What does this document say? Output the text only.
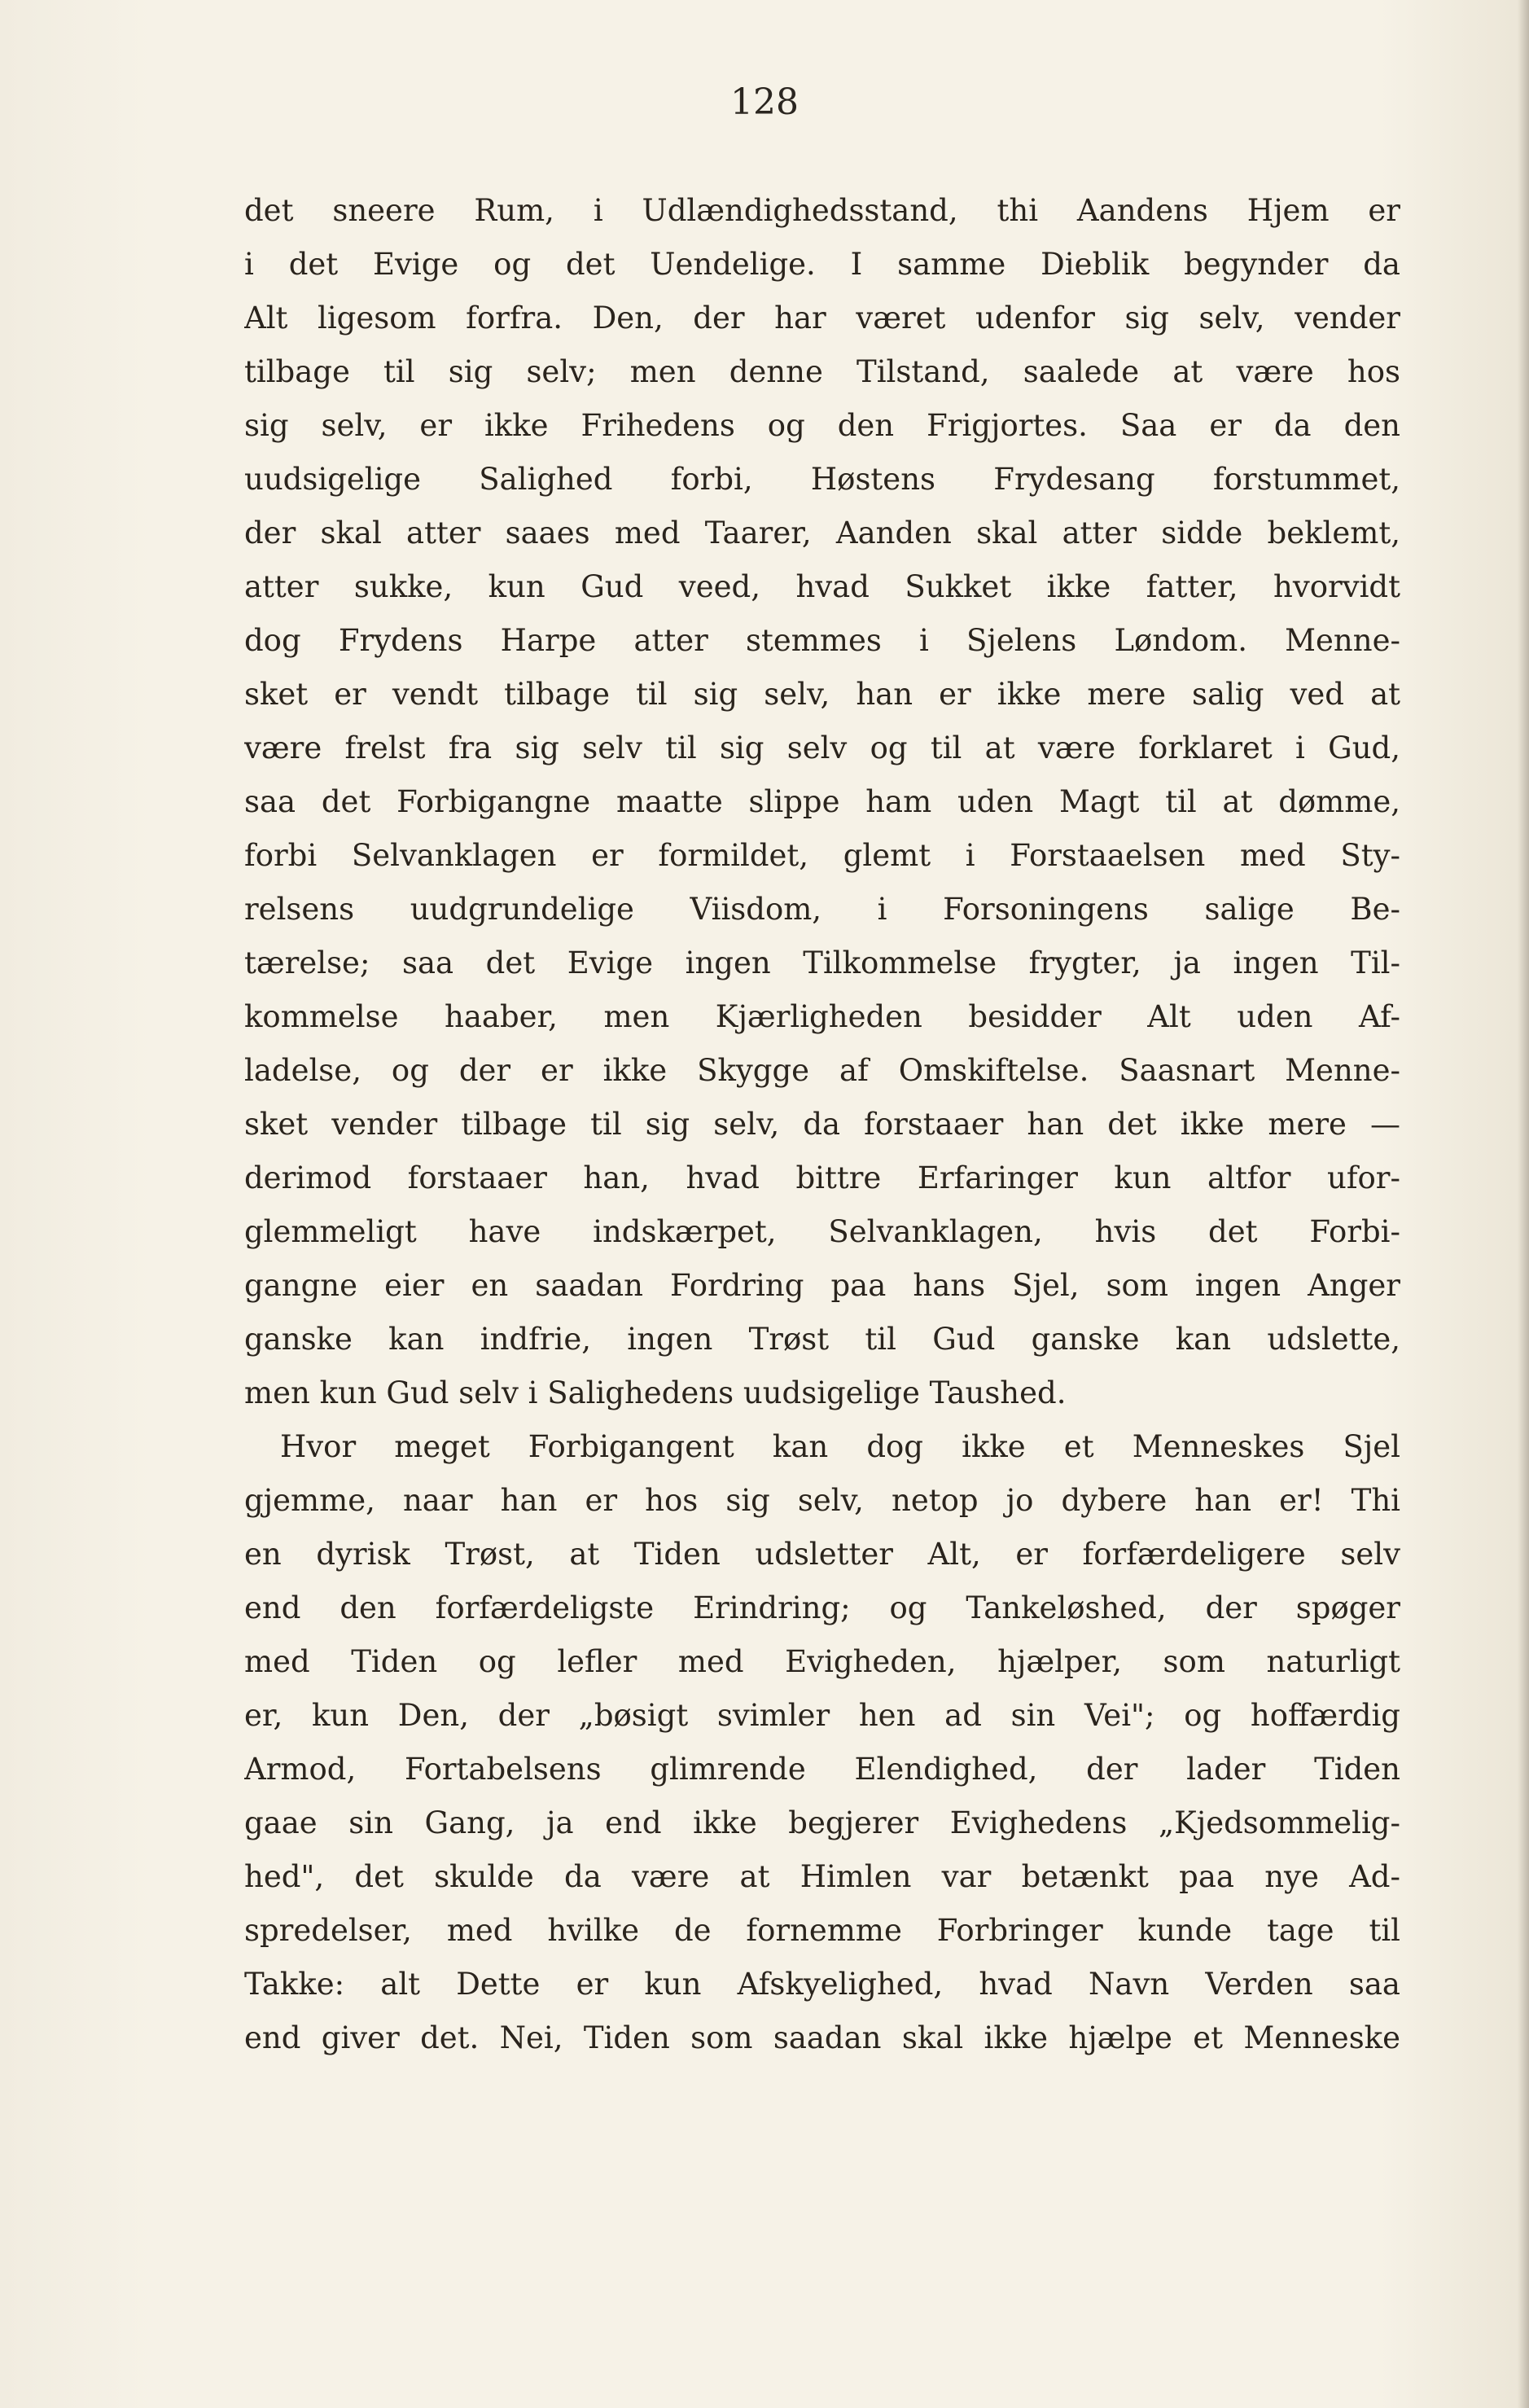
128
det sneere Rum, i Udlændighedsstand, thi Aandens Hjem er
i det Evige og det Uendelige. I samme Dieblik begynder da
Alt ligesom forfra. Den, der har været udenfor sig selv, vender
tilbage til sig selv; men denne Tilstand, saalede at være hos
sig selv, er ikke Frihedens og den Frigjortes. Saa er da den
uudsigelige Salighed forbi, Høstens Frydesang forstummet,
der skal atter saaes med Taarer, Aanden skal atter sidde beklemt,
atter sukke, kun Gud veed, hvad Sukket ikke fatter, hvorvidt
dog Frydens Harpe atter stemmes i Sjelens Løndom. Menne-
sket er vendt tilbage til sig selv, han er ikke mere salig ved at
være frelst fra sig selv til sig selv og til at være forklaret i Gud,
saa det Forbigangne maatte slippe ham uden Magt til at dømme,
forbi Selvanklagen er formildet, glemt i Forstaaelsen med Sty-
relsens uudgrundelige Viisdom, i Forsoningens salige Be-
tærelse; saa det Evige ingen Tilkommelse frygter, ja ingen Til-
kommelse haaber, men Kjærligheden besidder Alt uden Af-
ladelse, og der er ikke Skygge af Omskiftelse. Saasnart Menne-
sket vender tilbage til sig selv, da forstaaer han det ikke mere —
derimod forstaaer han, hvad bittre Erfaringer kun altfor ufor-
glemmeligt have indskærpet, Selvanklagen, hvis det Forbi-
gangne eier en saadan Fordring paa hans Sjel, som ingen Anger
ganske kan indfrie, ingen Trøst til Gud ganske kan udslette,
men kun Gud selv i Salighedens uudsigelige Taushed.
Hvor meget Forbigangent kan dog ikke et Menneskes Sjel
gjemme, naar han er hos sig selv, netop jo dybere han er! Thi
en dyrisk Trøst, at Tiden udsletter Alt, er forfærdeligere selv
end den forfærdeligste Erindring; og Tankeløshed, der spøger
med Tiden og lefler med Evigheden, hjælper, som naturligt
er, kun Den, der „bøsigt svimler hen ad sin Vei"; og hoffærdig
Armod, Fortabelsens glimrende Elendighed, der lader Tiden
gaae sin Gang, ja end ikke begjerer Evighedens „Kjedsommelig-
hed", det skulde da være at Himlen var betænkt paa nye Ad-
spredelser, med hvilke de fornemme Forbringer kunde tage til
Takke: alt Dette er kun Afskyelighed, hvad Navn Verden saa
end giver det. Nei, Tiden som saadan skal ikke hjælpe et Menneske
